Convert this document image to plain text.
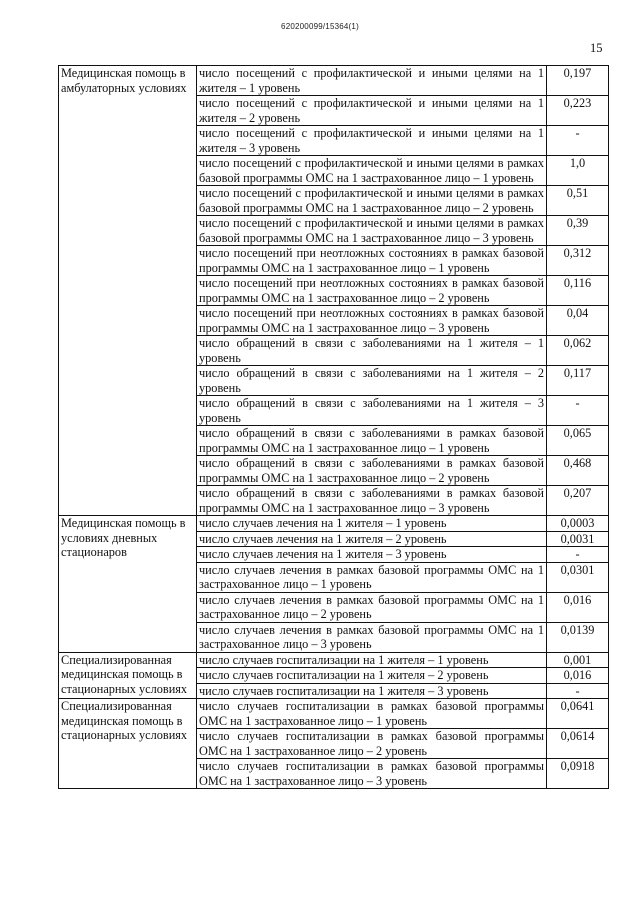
620200099/15364(1)
15
Медицинская помощь в амбулаторных условиях	число посещений с профилактической и иными целями на 1 жителя – 1 уровень	0,197
	число посещений с профилактической и иными целями на 1 жителя – 2 уровень	0,223
	число посещений с профилактической и иными целями на 1 жителя – 3 уровень	-
	число посещений с профилактической и иными целями в рамках базовой программы ОМС на 1 застрахованное лицо – 1 уровень	1,0
	число посещений с профилактической и иными целями в рамках базовой программы ОМС на 1 застрахованное лицо – 2 уровень	0,51
	число посещений с профилактической и иными целями в рамках базовой программы ОМС на 1 застрахованное лицо – 3 уровень	0,39
	число посещений при неотложных состояниях в рамках базовой программы ОМС на 1 застрахованное лицо – 1 уровень	0,312
	число посещений при неотложных состояниях в рамках базовой программы ОМС на 1 застрахованное лицо – 2 уровень	0,116
	число посещений при неотложных состояниях в рамках базовой программы ОМС на 1 застрахованное лицо – 3 уровень	0,04
	число обращений в связи с заболеваниями на 1 жителя – 1 уровень	0,062
	число обращений в связи с заболеваниями на 1 жителя – 2 уровень	0,117
	число обращений в связи с заболеваниями на 1 жителя – 3 уровень	-
	число обращений в связи с заболеваниями в рамках базовой программы ОМС на 1 застрахованное лицо – 1 уровень	0,065
	число обращений в связи с заболеваниями в рамках базовой программы ОМС на 1 застрахованное лицо – 2 уровень	0,468
	число обращений в связи с заболеваниями в рамках базовой программы ОМС на 1 застрахованное лицо – 3 уровень	0,207
Медицинская помощь в условиях дневных стационаров	число случаев лечения на 1 жителя – 1 уровень	0,0003
	число случаев лечения на 1 жителя – 2 уровень	0,0031
	число случаев лечения на 1 жителя – 3 уровень	-
	число случаев лечения в рамках базовой программы ОМС на 1 застрахованное лицо – 1 уровень	0,0301
	число случаев лечения в рамках базовой программы ОМС на 1 застрахованное лицо – 2 уровень	0,016
	число случаев лечения в рамках базовой программы ОМС на 1 застрахованное лицо – 3 уровень	0,0139
Специализированная медицинская помощь в стационарных условиях	число случаев госпитализации на 1 жителя – 1 уровень	0,001
	число случаев госпитализации на 1 жителя – 2 уровень	0,016
	число случаев госпитализации на 1 жителя – 3 уровень	-
Специализированная медицинская помощь в стационарных условиях	число случаев госпитализации в рамках базовой программы ОМС на 1 застрахованное лицо – 1 уровень	0,0641
	число случаев госпитализации в рамках базовой программы ОМС на 1 застрахованное лицо – 2 уровень	0,0614
	число случаев госпитализации в рамках базовой программы ОМС на 1 застрахованное лицо – 3 уровень	0,0918
